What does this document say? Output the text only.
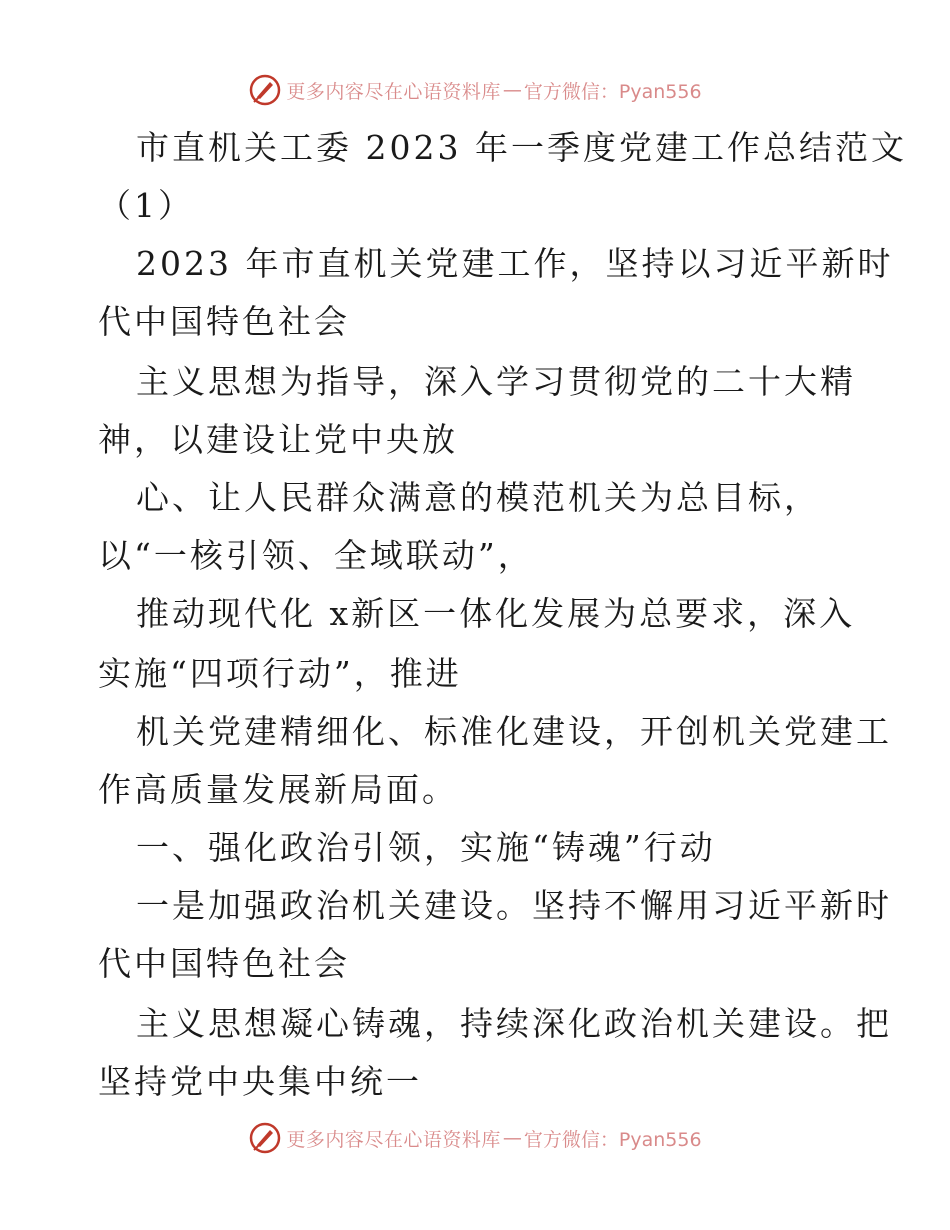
更多内容尽在心语资料库 — 官方微信：Pyan556
市直机关工委 2023 年一季度党建工作总结范文
（1）
2023 年市直机关党建工作，坚持以习近平新时
代中国特色社会
主义思想为指导，深入学习贯彻党的二十大精
神，以建设让党中央放
心、让人民群众满意的模范机关为总目标，
以“一核引领、全域联动”，
推动现代化 x新区一体化发展为总要求，深入
实施“四项行动”，推进
机关党建精细化、标准化建设，开创机关党建工
作高质量发展新局面。
一、强化政治引领，实施“铸魂”行动
一是加强政治机关建设。坚持不懈用习近平新时
代中国特色社会
主义思想凝心铸魂，持续深化政治机关建设。把
坚持党中央集中统一
更多内容尽在心语资料库 — 官方微信：Pyan556
